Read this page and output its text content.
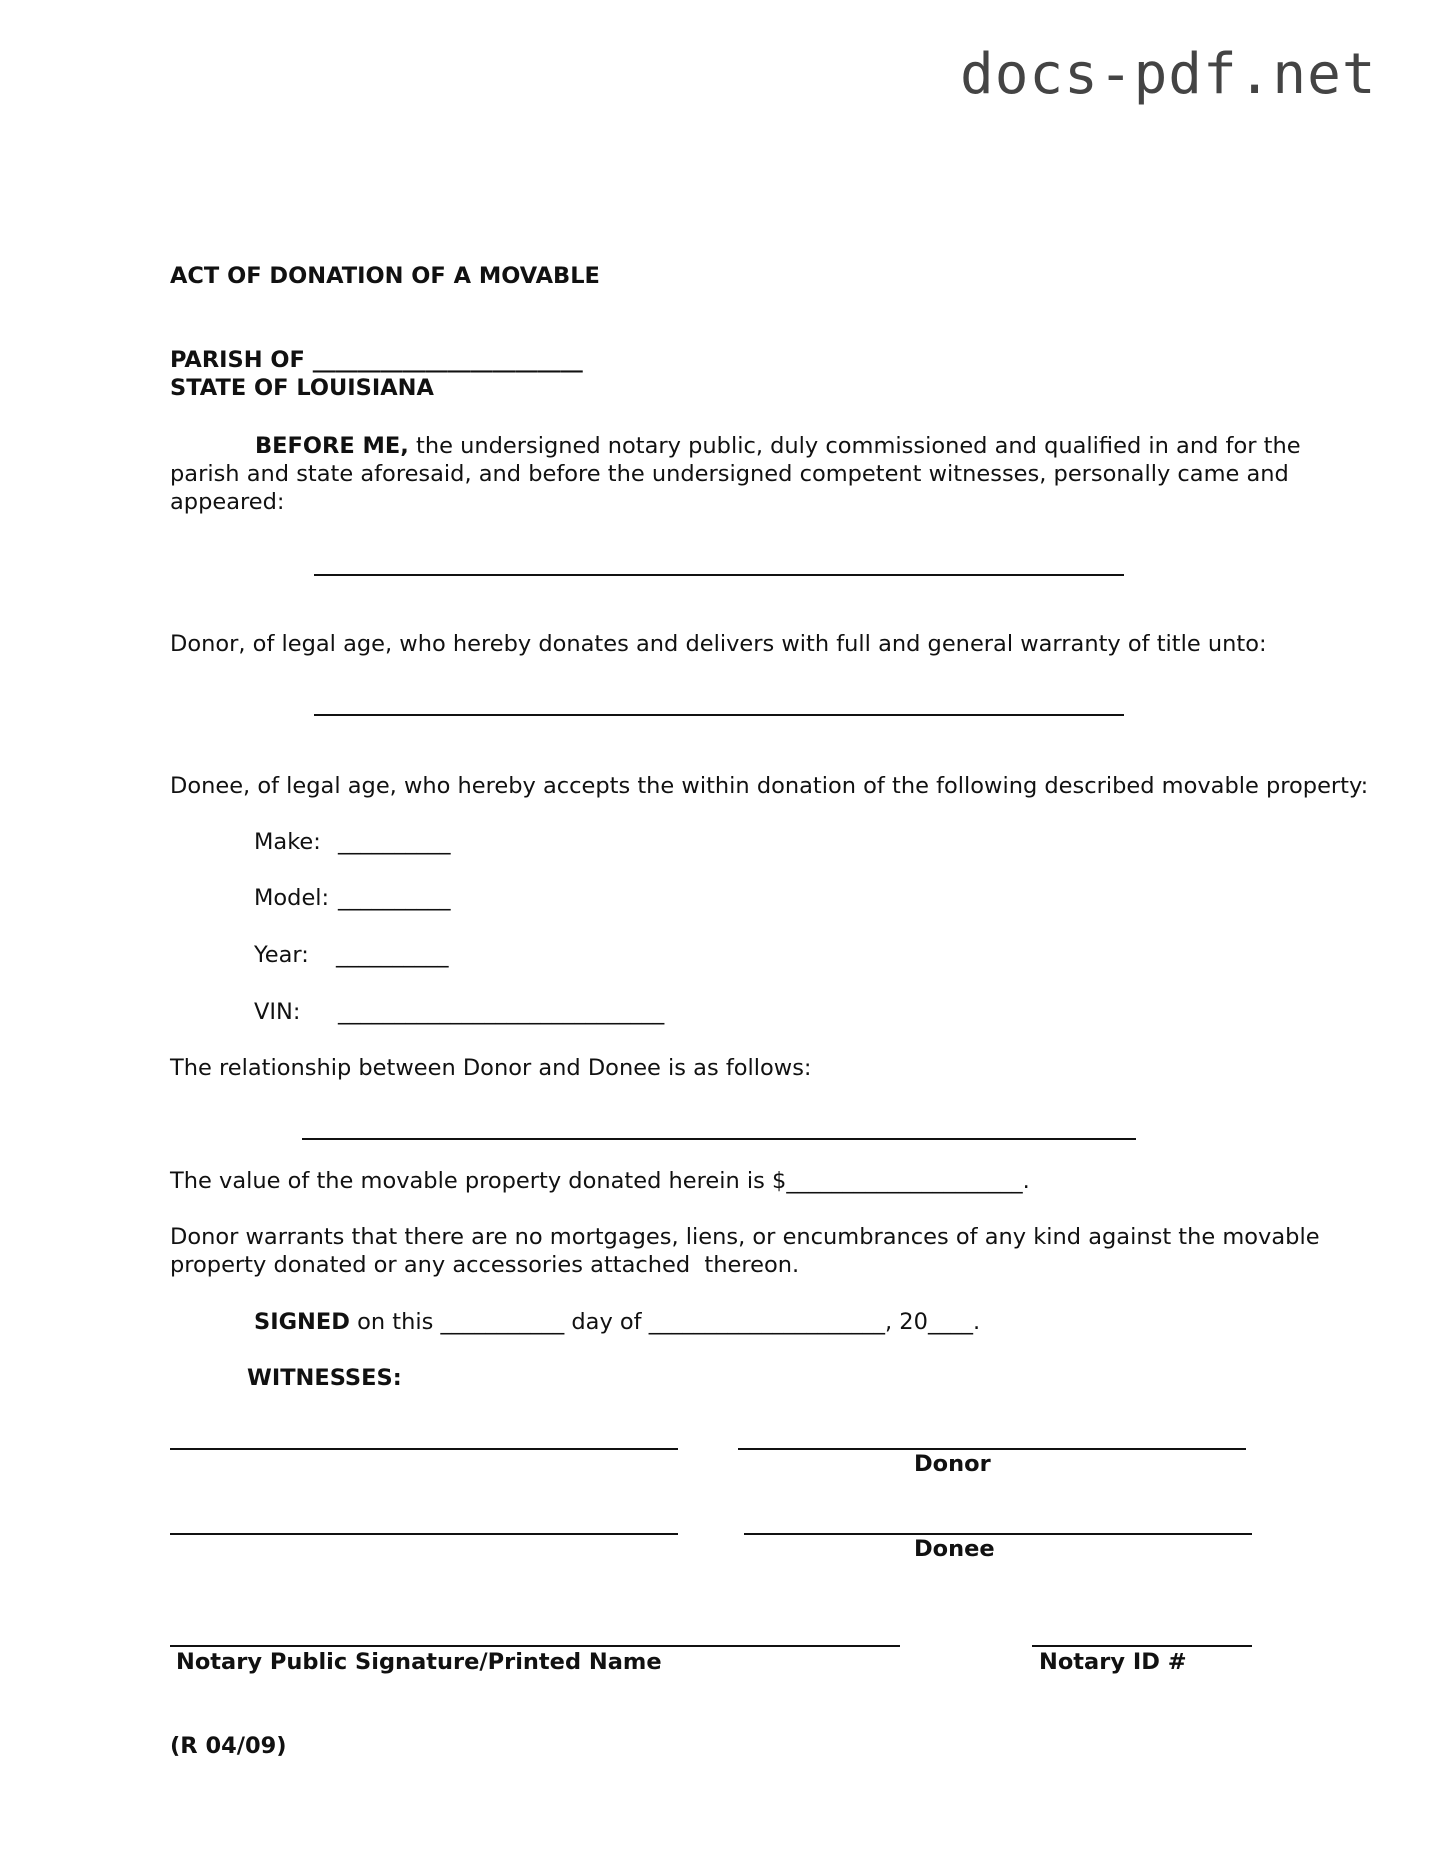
docs-pdf.net
ACT OF DONATION OF A MOVABLE
PARISH OF ________________________
STATE OF LOUISIANA
BEFORE ME, the undersigned notary public, duly commissioned and qualified in and for the
parish and state aforesaid, and before the undersigned competent witnesses, personally came and
appeared:
Donor, of legal age, who hereby donates and delivers with full and general warranty of title unto:
Donee, of legal age, who hereby accepts the within donation of the following described movable property:
Make: __________
Model: __________
Year: __________
VIN: _____________________________
The relationship between Donor and Donee is as follows:
The value of the movable property donated herein is $_____________________.
Donor warrants that there are no mortgages, liens, or encumbrances of any kind against the movable
property donated or any accessories attached  thereon.
SIGNED on this ___________ day of _____________________, 20____.
WITNESSES:
Donor
Donee
Notary Public Signature/Printed Name	Notary ID #
(R 04/09)
